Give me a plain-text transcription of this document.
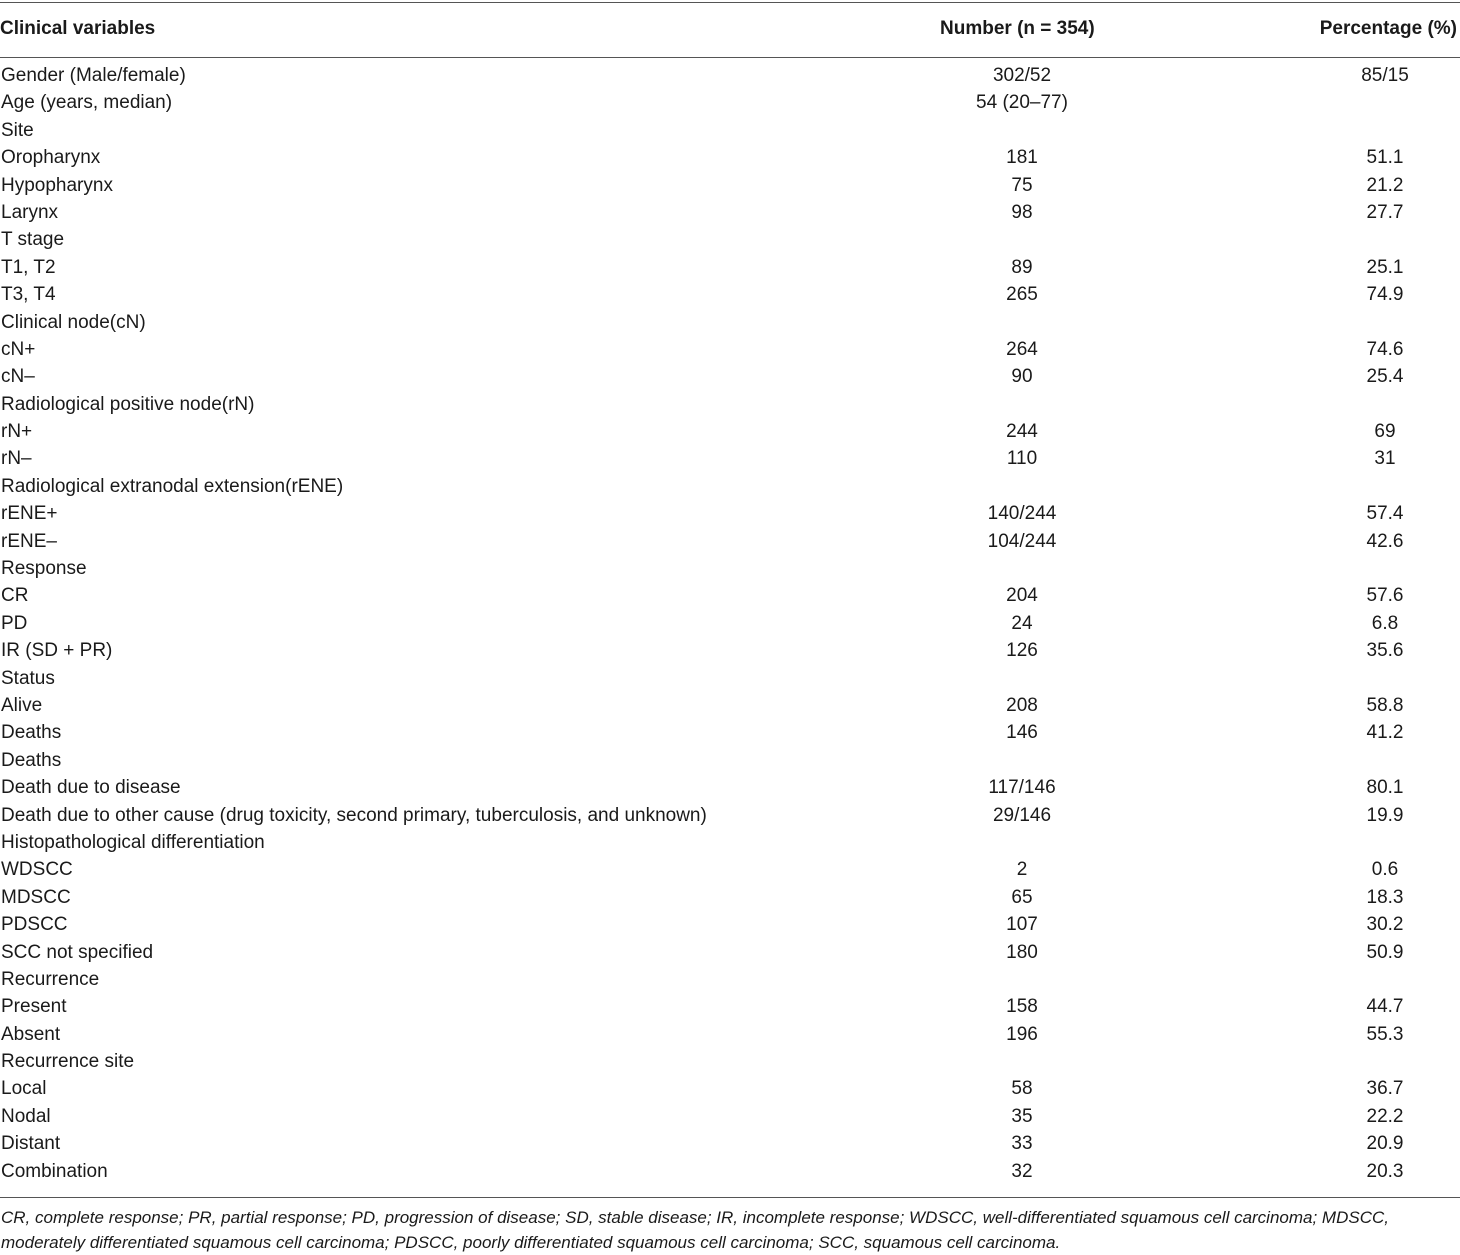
Clinical variables	Number (n = 354)	Percentage (%)
Gender (Male/female)	302/52	85/15
Age (years, median)	54 (20–77)
Site
Oropharynx	181	51.1
Hypopharynx	75	21.2
Larynx	98	27.7
T stage
T1, T2	89	25.1
T3, T4	265	74.9
Clinical node(cN)
cN+	264	74.6
cN–	90	25.4
Radiological positive node(rN)
rN+	244	69
rN–	110	31
Radiological extranodal extension(rENE)
rENE+	140/244	57.4
rENE–	104/244	42.6
Response
CR	204	57.6
PD	24	6.8
IR (SD + PR)	126	35.6
Status
Alive	208	58.8
Deaths	146	41.2
Deaths
Death due to disease	117/146	80.1
Death due to other cause (drug toxicity, second primary, tuberculosis, and unknown)	29/146	19.9
Histopathological differentiation
WDSCC	2	0.6
MDSCC	65	18.3
PDSCC	107	30.2
SCC not specified	180	50.9
Recurrence
Present	158	44.7
Absent	196	55.3
Recurrence site
Local	58	36.7
Nodal	35	22.2
Distant	33	20.9
Combination	32	20.3
CR, complete response; PR, partial response; PD, progression of disease; SD, stable disease; IR, incomplete response; WDSCC, well-differentiated squamous cell carcinoma; MDSCC, moderately differentiated squamous cell carcinoma; PDSCC, poorly differentiated squamous cell carcinoma; SCC, squamous cell carcinoma.
